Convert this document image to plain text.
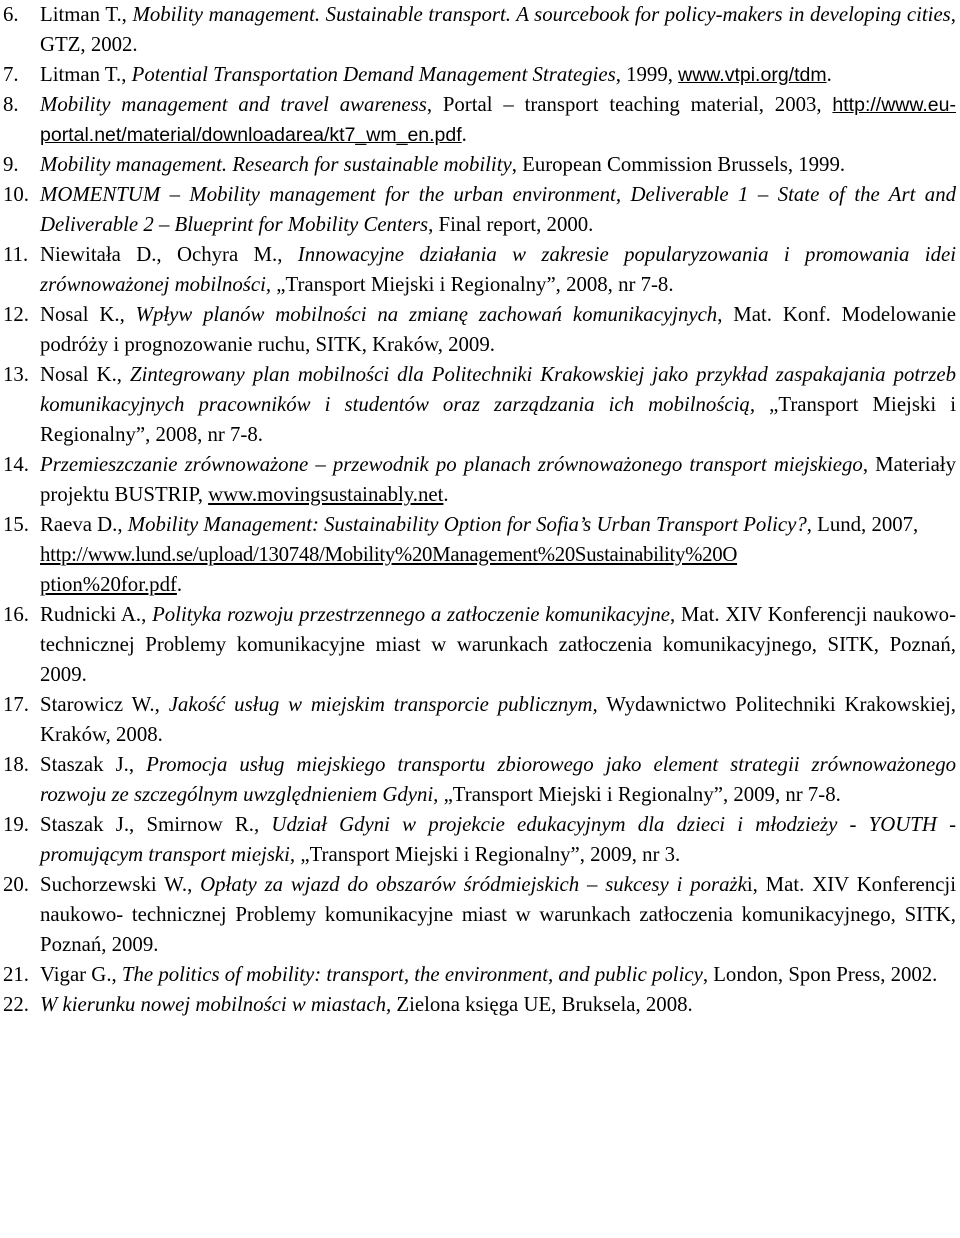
6. Litman T., Mobility management. Sustainable transport. A sourcebook for policy-makers in developing cities, GTZ, 2002.
7. Litman T., Potential Transportation Demand Management Strategies, 1999, www.vtpi.org/tdm.
8. Mobility management and travel awareness, Portal – transport teaching material, 2003, http://www.eu-portal.net/material/downloadarea/kt7_wm_en.pdf.
9. Mobility management. Research for sustainable mobility, European Commission Brussels, 1999.
10. MOMENTUM – Mobility management for the urban environment, Deliverable 1 – State of the Art and Deliverable 2 – Blueprint for Mobility Centers, Final report, 2000.
11. Niewitała D., Ochyra M., Innowacyjne działania w zakresie popularyzowania i promowania idei zrównoważonej mobilności, „Transport Miejski i Regionalny”, 2008, nr 7-8.
12. Nosal K., Wpływ planów mobilności na zmianę zachowań komunikacyjnych, Mat. Konf. Modelowanie podróży i prognozowanie ruchu, SITK, Kraków, 2009.
13. Nosal K., Zintegrowany plan mobilności dla Politechniki Krakowskiej jako przykład zaspakajania potrzeb komunikacyjnych pracowników i studentów oraz zarządzania ich mobilnością, „Transport Miejski i Regionalny”, 2008, nr 7-8.
14. Przemieszczanie zrównoważone – przewodnik po planach zrównoważonego transport miejskiego, Materiały projektu BUSTRIP, www.movingsustainably.net.
15. Raeva D., Mobility Management: Sustainability Option for Sofia’s Urban Transport Policy?, Lund, 2007,
http://www.lund.se/upload/130748/Mobility%20Management%20Sustainability%20O
ption%20for.pdf.
16. Rudnicki A., Polityka rozwoju przestrzennego a zatłoczenie komunikacyjne, Mat. XIV Konferencji naukowo- technicznej Problemy komunikacyjne miast w warunkach zatłoczenia komunikacyjnego, SITK, Poznań, 2009.
17. Starowicz W., Jakość usług w miejskim transporcie publicznym, Wydawnictwo Politechniki Krakowskiej, Kraków, 2008.
18. Staszak J., Promocja usług miejskiego transportu zbiorowego jako element strategii zrównoważonego rozwoju ze szczególnym uwzględnieniem Gdyni, „Transport Miejski i Regionalny”, 2009, nr 7-8.
19. Staszak J., Smirnow R., Udział Gdyni w projekcie edukacyjnym dla dzieci i młodzieży - YOUTH - promującym transport miejski, „Transport Miejski i Regionalny”, 2009, nr 3.
20. Suchorzewski W., Opłaty za wjazd do obszarów śródmiejskich – sukcesy i porażki, Mat. XIV Konferencji naukowo- technicznej Problemy komunikacyjne miast w warunkach zatłoczenia komunikacyjnego, SITK, Poznań, 2009.
21. Vigar G., The politics of mobility: transport, the environment, and public policy, London, Spon Press, 2002.
22. W kierunku nowej mobilności w miastach, Zielona księga UE, Bruksela, 2008.
